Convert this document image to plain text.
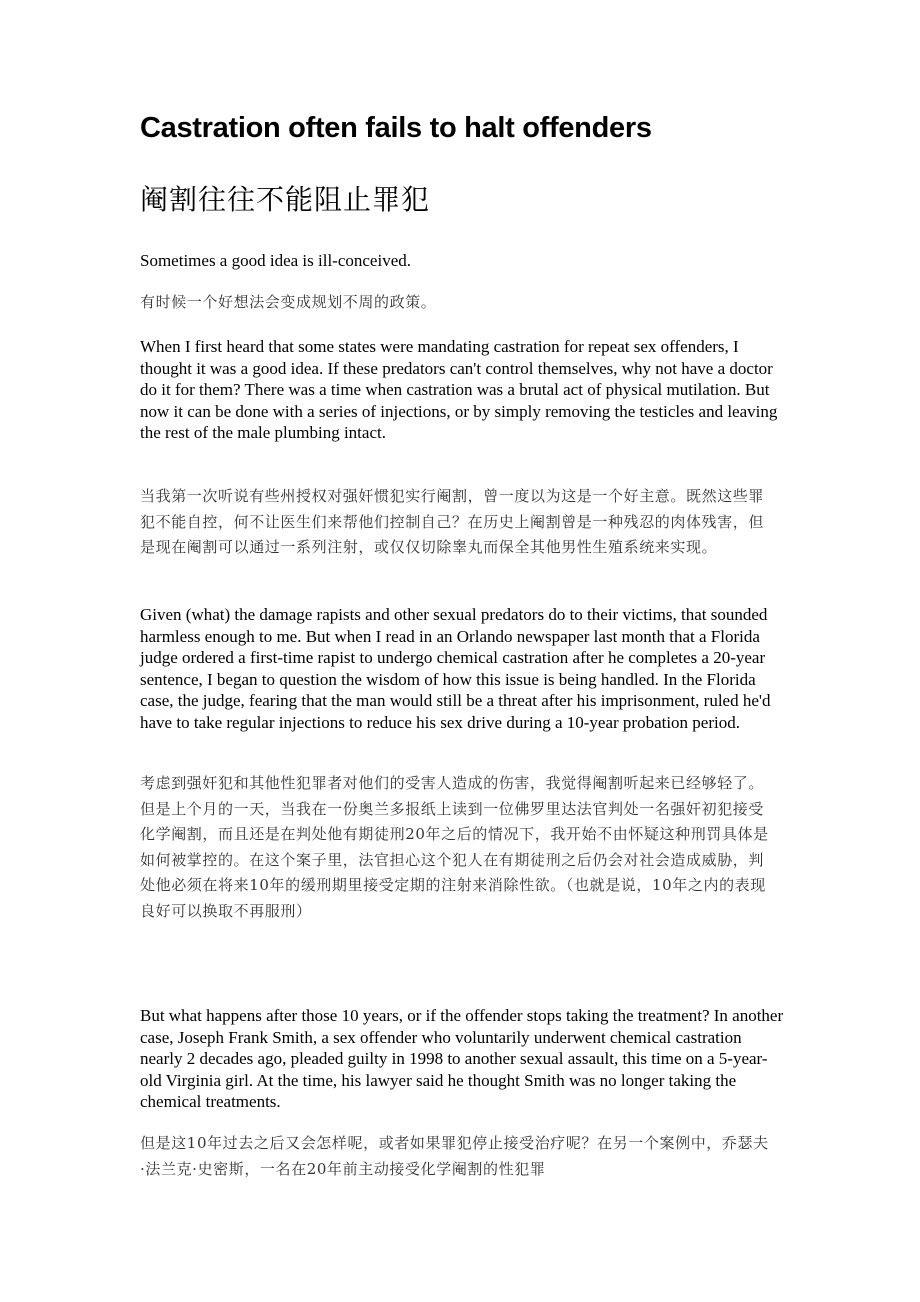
Castration often fails to halt offenders
阉割往往不能阻止罪犯

Sometimes a good idea is ill-conceived.

有时候一个好想法会变成规划不周的政策。

When I first heard that some states were mandating castration for repeat sex offenders, I thought it was a good idea. If these predators can't control themselves, why not have a doctor do it for them? There was a time when castration was a brutal act of physical mutilation. But now it can be done with a series of injections, or by simply removing the testicles and leaving the rest of the male plumbing intact.

当我第一次听说有些州授权对强奸惯犯实行阉割，曾一度以为这是一个好主意。既然这些罪犯不能自控，何不让医生们来帮他们控制自己？在历史上阉割曾是一种残忍的肉体残害，但是现在阉割可以通过一系列注射，或仅仅切除睾丸而保全其他男性生殖系统来实现。

Given (what) the damage rapists and other sexual predators do to their victims, that sounded harmless enough to me. But when I read in an Orlando newspaper last month that a Florida judge ordered a first-time rapist to undergo chemical castration after he completes a 20-year sentence, I began to question the wisdom of how this issue is being handled. In the Florida case, the judge, fearing that the man would still be a threat after his imprisonment, ruled he'd have to take regular injections to reduce his sex drive during a 10-year probation period.

考虑到强奸犯和其他性犯罪者对他们的受害人造成的伤害，我觉得阉割听起来已经够轻了。但是上个月的一天，当我在一份奥兰多报纸上读到一位佛罗里达法官判处一名强奸初犯接受化学阉割，而且还是在判处他有期徒刑20年之后的情况下，我开始不由怀疑这种刑罚具体是如何被掌控的。在这个案子里，法官担心这个犯人在有期徒刑之后仍会对社会造成威胁，判处他必须在将来10年的缓刑期里接受定期的注射来消除性欲。（也就是说，10年之内的表现良好可以换取不再服刑）

But what happens after those 10 years, or if the offender stops taking the treatment? In another case, Joseph Frank Smith, a sex offender who voluntarily underwent chemical castration nearly 2 decades ago, pleaded guilty in 1998 to another sexual assault, this time on a 5-year-old Virginia girl. At the time, his lawyer said he thought Smith was no longer taking the chemical treatments.

但是这10年过去之后又会怎样呢，或者如果罪犯停止接受治疗呢？在另一个案例中，乔瑟夫·法兰克·史密斯，一名在20年前主动接受化学阉割的性犯罪
